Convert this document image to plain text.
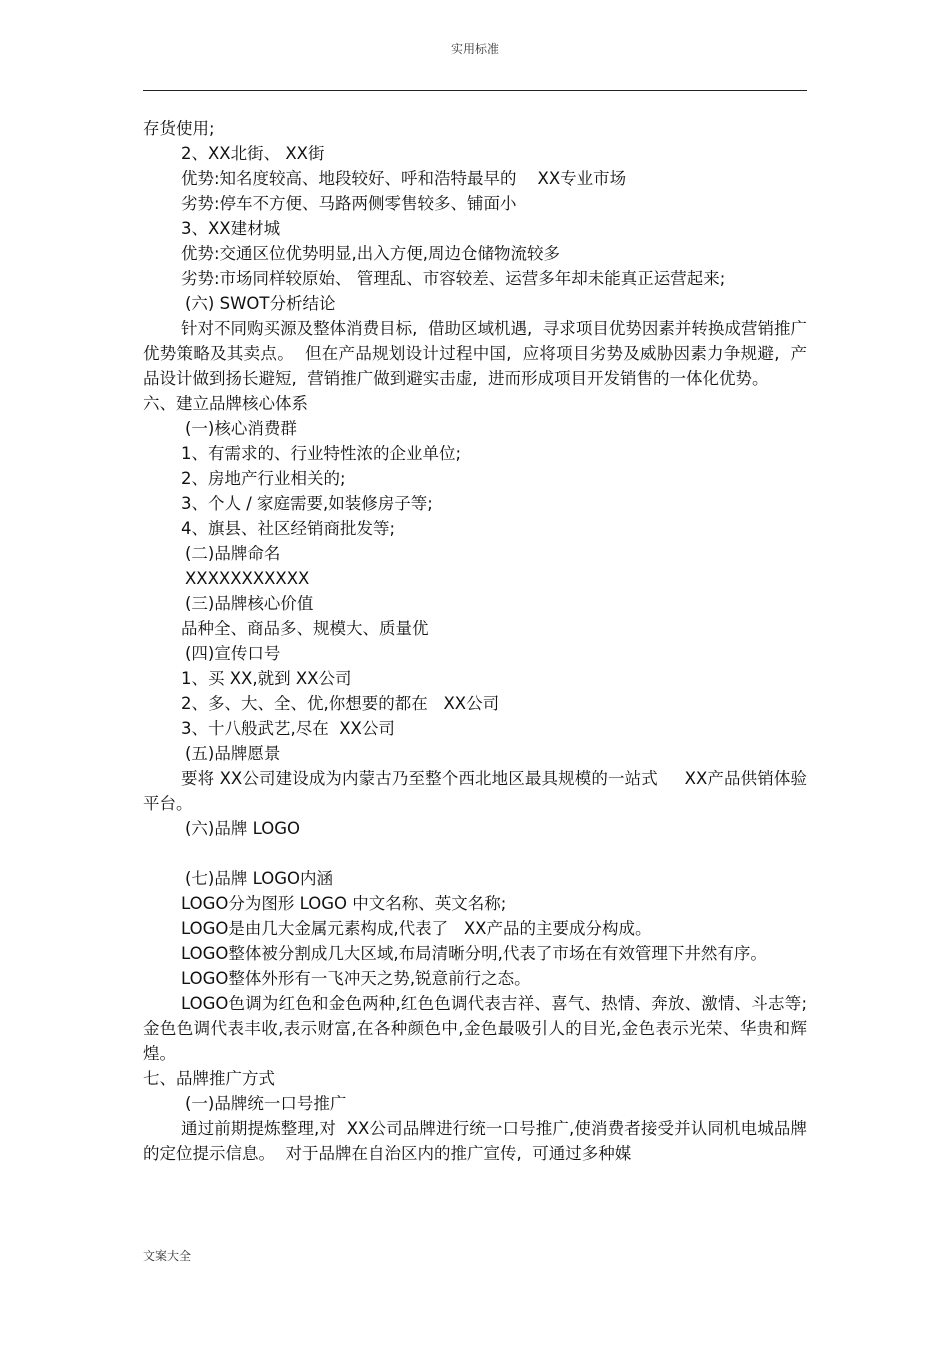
实用标准

存货使用;

2、XX北街、 XX街

优势:知名度较高、地段较好、呼和浩特最早的    XX专业市场

劣势:停车不方便、马路两侧零售较多、铺面小

3、XX建材城

优势:交通区位优势明显,出入方便,周边仓储物流较多

劣势:市场同样较原始、 管理乱、市容较差、运营多年却未能真正运营起来;

(六) SWOT分析结论

针对不同购买源及整体消费目标,  借助区域机遇,  寻求项目优势因素并转换成营销推广优势策略及其卖点。  但在产品规划设计过程中国,  应将项目劣势及威胁因素力争规避,  产品设计做到扬长避短,  营销推广做到避实击虚,  进而形成项目开发销售的一体化优势。

六、建立品牌核心体系

(一)核心消费群

1、有需求的、行业特性浓的企业单位;

2、房地产行业相关的;

3、个人 / 家庭需要,如装修房子等;

4、旗县、社区经销商批发等;

(二)品牌命名

XXXXXXXXXXX

(三)品牌核心价值

品种全、商品多、规模大、质量优

(四)宣传口号

1、买 XX,就到 XX公司

2、多、大、全、优,你想要的都在   XX公司

3、十八般武艺,尽在  XX公司

(五)品牌愿景

要将 XX公司建设成为内蒙古乃至整个西北地区最具规模的一站式     XX产品供销体验平台。

(六)品牌 LOGO

(七)品牌 LOGO内涵

LOGO分为图形 LOGO 中文名称、英文名称;

LOGO是由几大金属元素构成,代表了   XX产品的主要成分构成。

LOGO整体被分割成几大区域,布局清晰分明,代表了市场在有效管理下井然有序。

LOGO整体外形有一飞冲天之势,锐意前行之态。

LOGO色调为红色和金色两种,红色色调代表吉祥、喜气、热情、奔放、激情、斗志等;金色色调代表丰收,表示财富,在各种颜色中,金色最吸引人的目光,金色表示光荣、华贵和辉煌。

七、品牌推广方式

(一)品牌统一口号推广

通过前期提炼整理,对  XX公司品牌进行统一口号推广,使消费者接受并认同机电城品牌的定位提示信息。  对于品牌在自治区内的推广宣传,  可通过多种媒

文案大全
